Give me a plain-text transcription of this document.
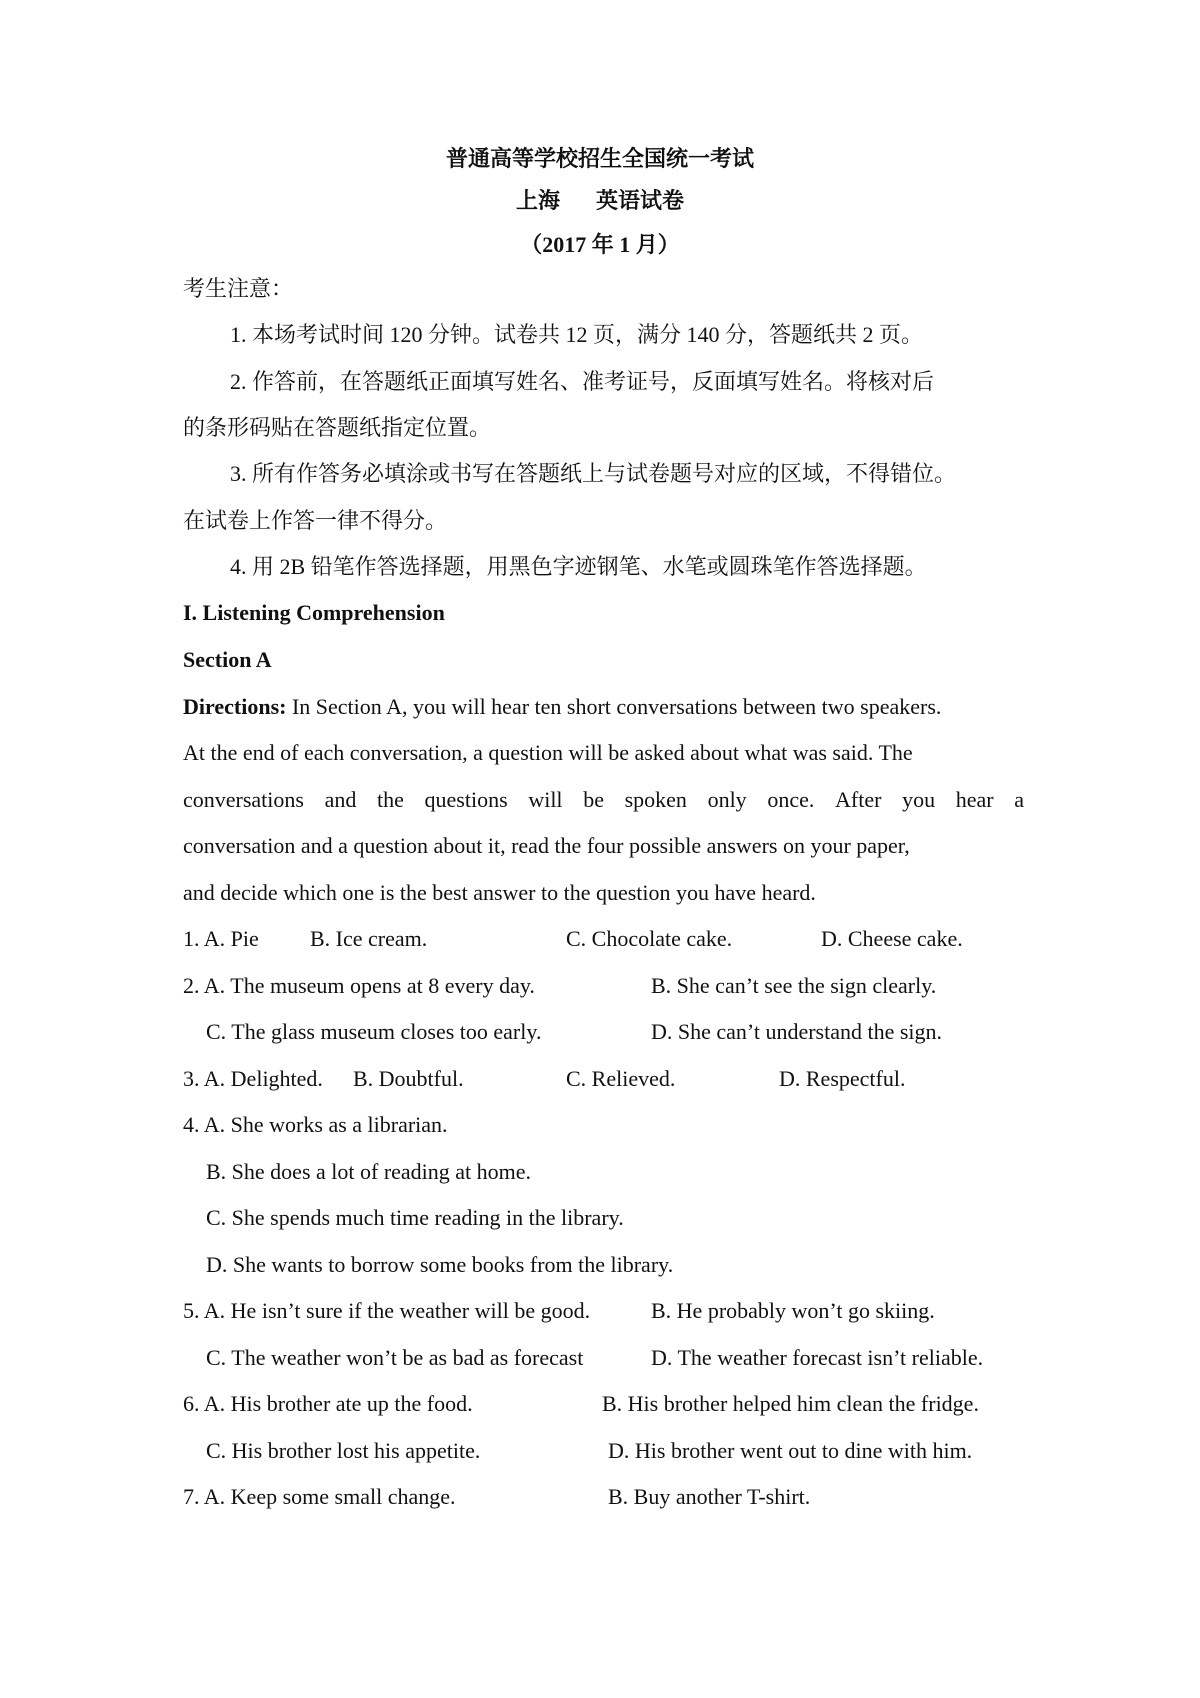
普通高等学校招生全国统一考试
上海 英语试卷
（2017 年 1 月）
考生注意：
1. 本场考试时间 120 分钟。试卷共 12 页，满分 140 分，答题纸共 2 页。
2. 作答前，在答题纸正面填写姓名、准考证号，反面填写姓名。将核对后
的条形码贴在答题纸指定位置。
3. 所有作答务必填涂或书写在答题纸上与试卷题号对应的区域，不得错位。
在试卷上作答一律不得分。
4. 用 2B 铅笔作答选择题，用黑色字迹钢笔、水笔或圆珠笔作答选择题。
I. Listening Comprehension
Section A
Directions: In Section A, you will hear ten short conversations between two speakers.
At the end of each conversation, a question will be asked about what was said. The
conversations and the questions will be spoken only once. After you hear a
conversation and a question about it, read the four possible answers on your paper,
and decide which one is the best answer to the question you have heard.
1. A. Pie B. Ice cream.	C. Chocolate cake.	D. Cheese cake.
2. A. The museum opens at 8 every day.	B. She can’t see the sign clearly.
C. The glass museum closes too early.	D. She can’t understand the sign.
3. A. Delighted. B. Doubtful.	C. Relieved.	D. Respectful.
4. A. She works as a librarian.
B. She does a lot of reading at home.
C. She spends much time reading in the library.
D. She wants to borrow some books from the library.
5. A. He isn’t sure if the weather will be good.	B. He probably won’t go skiing.
C. The weather won’t be as bad as forecast	D. The weather forecast isn’t reliable.
6. A. His brother ate up the food.	B. His brother helped him clean the fridge.
C. His brother lost his appetite.	D. His brother went out to dine with him.
7. A. Keep some small change.	B. Buy another T-shirt.
